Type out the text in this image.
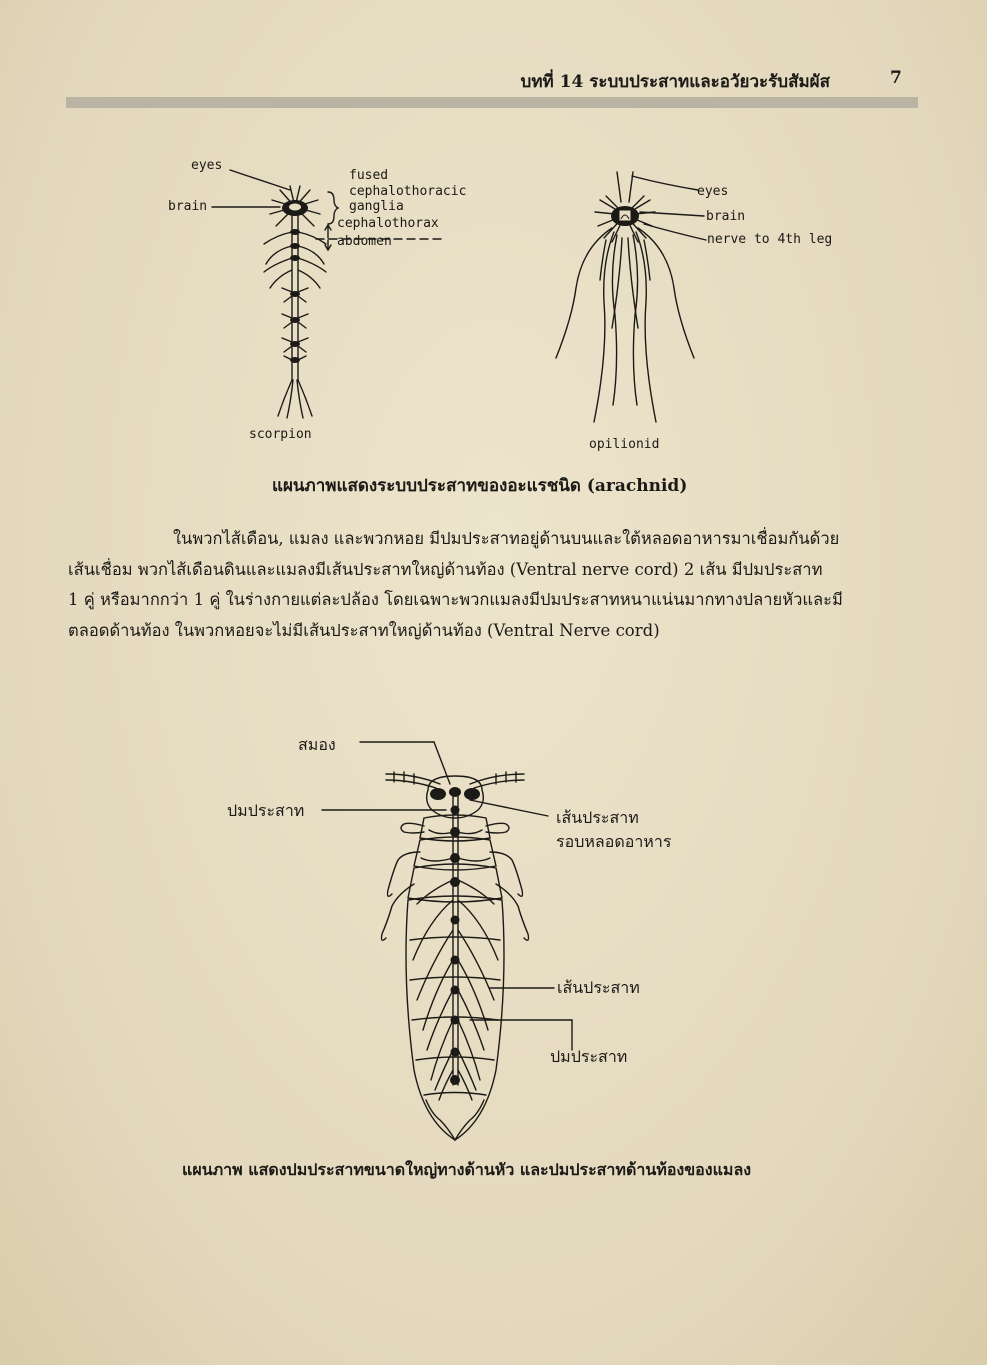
บทที่ 14 ระบบประสาทและอวัยวะรับสัมผัส	7
eyes
brain
fused
cephalothoracic
ganglia
cephalothorax
abdomen
scorpion
eyes
brain
nerve to 4th leg
opilionid
แผนภาพแสดงระบบประสาทของอะแรชนิด (arachnid)

ในพวกไส้เดือน, แมลง และพวกหอย มีปมประสาทอยู่ด้านบนและใต้หลอดอาหารมาเชื่อมกันด้วย

เส้นเชื่อม พวกไส้เดือนดินและแมลงมีเส้นประสาทใหญ่ด้านท้อง (Ventral nerve cord) 2 เส้น มีปมประสาท

1 คู่ หรือมากกว่า 1 คู่ ในร่างกายแต่ละปล้อง โดยเฉพาะพวกแมลงมีปมประสาทหนาแน่นมากทางปลายหัวและมี

ตลอดด้านท้อง ในพวกหอยจะไม่มีเส้นประสาทใหญ่ด้านท้อง (Ventral Nerve cord)

สมอง
ปมประสาท	เส้นประสาท
รอบหลอดอาหาร
เส้นประสาท
ปมประสาท
แผนภาพ แสดงปมประสาทขนาดใหญ่ทางด้านหัว และปมประสาทด้านท้องของแมลง
